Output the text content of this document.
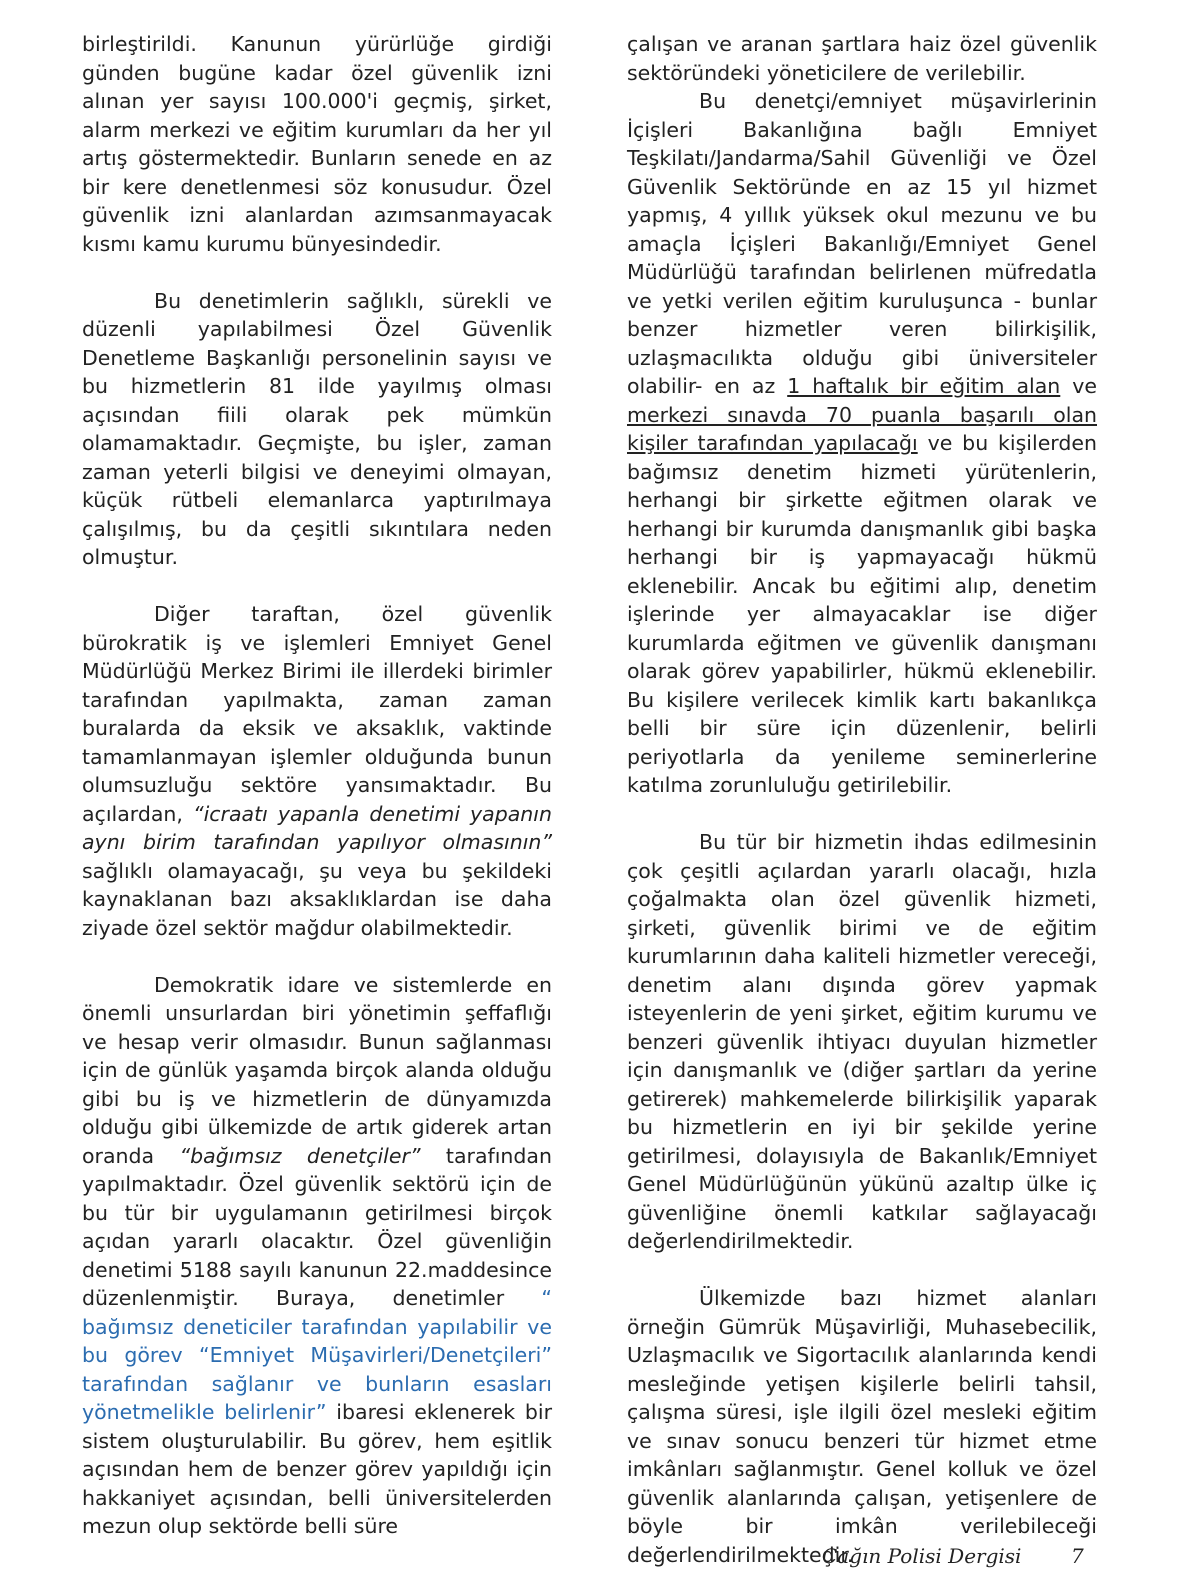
birleştirildi. Kanunun yürürlüğe girdiği günden bugüne kadar özel güvenlik izni alınan yer sayısı 100.000'i geçmiş, şirket, alarm merkezi ve eğitim kurumları da her yıl artış göstermektedir. Bunların senede en az bir kere denetlenmesi söz konusudur. Özel güvenlik izni alanlardan azımsanmayacak kısmı kamu kurumu bünyesindedir.

Bu denetimlerin sağlıklı, sürekli ve düzenli yapılabilmesi Özel Güvenlik Denetleme Başkanlığı personelinin sayısı ve bu hizmetlerin 81 ilde yayılmış olması açısından fiili olarak pek mümkün olamamaktadır. Geçmişte, bu işler, zaman zaman yeterli bilgisi ve deneyimi olmayan, küçük rütbeli elemanlarca yaptırılmaya çalışılmış, bu da çeşitli sıkıntılara neden olmuştur.

Diğer taraftan, özel güvenlik bürokratik iş ve işlemleri Emniyet Genel Müdürlüğü Merkez Birimi ile illerdeki birimler tarafından yapılmakta, zaman zaman buralarda da eksik ve aksaklık, vaktinde tamamlanmayan işlemler olduğunda bunun olumsuzluğu sektöre yansımaktadır. Bu açılardan, “icraatı yapanla denetimi yapanın aynı birim tarafından yapılıyor olmasının” sağlıklı olamayacağı, şu veya bu şekildeki kaynaklanan bazı aksaklıklardan ise daha ziyade özel sektör mağdur olabilmektedir.

Demokratik idare ve sistemlerde en önemli unsurlardan biri yönetimin şeffaflığı ve hesap verir olmasıdır. Bunun sağlanması için de günlük yaşamda birçok alanda olduğu gibi bu iş ve hizmetlerin de dünyamızda olduğu gibi ülkemizde de artık giderek artan oranda “bağımsız denetçiler” tarafından yapılmaktadır. Özel güvenlik sektörü için de bu tür bir uygulamanın getirilmesi birçok açıdan yararlı olacaktır. Özel güvenliğin denetimi 5188 sayılı kanunun 22.maddesince düzenlenmiştir. Buraya, denetimler “ bağımsız deneticiler tarafından yapılabilir ve bu görev “Emniyet Müşavirleri/Denetçileri” tarafından sağlanır ve bunların esasları yönetmelikle belirlenir” ibaresi eklenerek bir sistem oluşturulabilir. Bu görev, hem eşitlik açısından hem de benzer görev yapıldığı için hakkaniyet açısından, belli üniversitelerden mezun olup sektörde belli süre

çalışan ve aranan şartlara haiz özel güvenlik sektöründeki yöneticilere de verilebilir.

Bu denetçi/emniyet müşavirlerinin İçişleri Bakanlığına bağlı Emniyet Teşkilatı/Jandarma/Sahil Güvenliği ve Özel Güvenlik Sektöründe en az 15 yıl hizmet yapmış, 4 yıllık yüksek okul mezunu ve bu amaçla İçişleri Bakanlığı/Emniyet Genel Müdürlüğü tarafından belirlenen müfredatla ve yetki verilen eğitim kuruluşunca - bunlar benzer hizmetler veren bilirkişilik, uzlaşmacılıkta olduğu gibi üniversiteler olabilir- en az 1 haftalık bir eğitim alan ve merkezi sınavda 70 puanla başarılı olan kişiler tarafından yapılacağı ve bu kişilerden bağımsız denetim hizmeti yürütenlerin, herhangi bir şirkette eğitmen olarak ve herhangi bir kurumda danışmanlık gibi başka herhangi bir iş yapmayacağı hükmü eklenebilir. Ancak bu eğitimi alıp, denetim işlerinde yer almayacaklar ise diğer kurumlarda eğitmen ve güvenlik danışmanı olarak görev yapabilirler, hükmü eklenebilir. Bu kişilere verilecek kimlik kartı bakanlıkça belli bir süre için düzenlenir, belirli periyotlarla da yenileme seminerlerine katılma zorunluluğu getirilebilir.

Bu tür bir hizmetin ihdas edilmesinin çok çeşitli açılardan yararlı olacağı, hızla çoğalmakta olan özel güvenlik hizmeti, şirketi, güvenlik birimi ve de eğitim kurumlarının daha kaliteli hizmetler vereceği, denetim alanı dışında görev yapmak isteyenlerin de yeni şirket, eğitim kurumu ve benzeri güvenlik ihtiyacı duyulan hizmetler için danışmanlık ve (diğer şartları da yerine getirerek) mahkemelerde bilirkişilik yaparak bu hizmetlerin en iyi bir şekilde yerine getirilmesi, dolayısıyla de Bakanlık/Emniyet Genel Müdürlüğünün yükünü azaltıp ülke iç güvenliğine önemli katkılar sağlayacağı değerlendirilmektedir.

Ülkemizde bazı hizmet alanları örneğin Gümrük Müşavirliği, Muhasebecilik, Uzlaşmacılık ve Sigortacılık alanlarında kendi mesleğinde yetişen kişilerle belirli tahsil, çalışma süresi, işle ilgili özel mesleki eğitim ve sınav sonucu benzeri tür hizmet etme imkânları sağlanmıştır. Genel kolluk ve özel güvenlik alanlarında çalışan, yetişenlere de böyle bir imkân verilebileceği değerlendirilmektedir.

Çağın Polisi Dergisi 7
